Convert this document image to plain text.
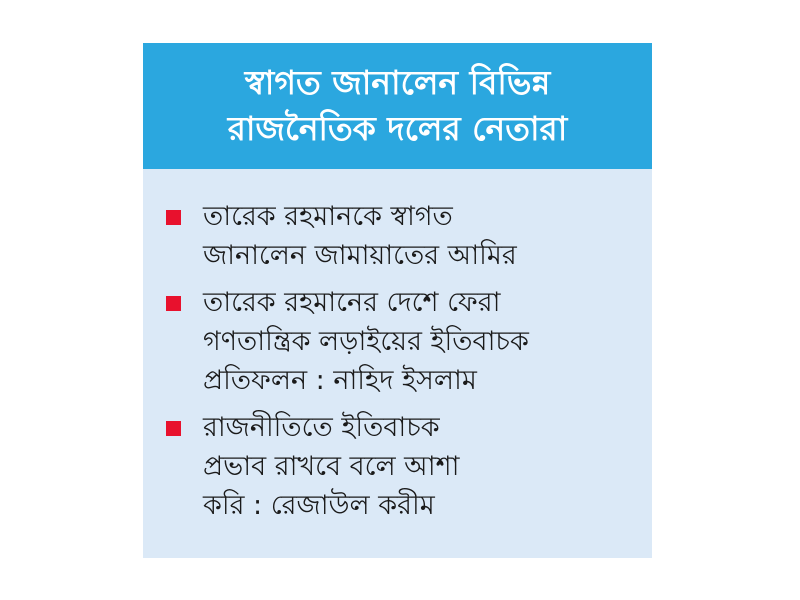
স্বাগত জানালেন বিভিন্ন
রাজনৈতিক দলের নেতারা
তারেক রহমানকে স্বাগত
জানালেন জামায়াতের আমির
তারেক রহমানের দেশে ফেরা
গণতান্ত্রিক লড়াইয়ের ইতিবাচক
প্রতিফলন : নাহিদ ইসলাম
রাজনীতিতে ইতিবাচক
প্রভাব রাখবে বলে আশা
করি : রেজাউল করীম
